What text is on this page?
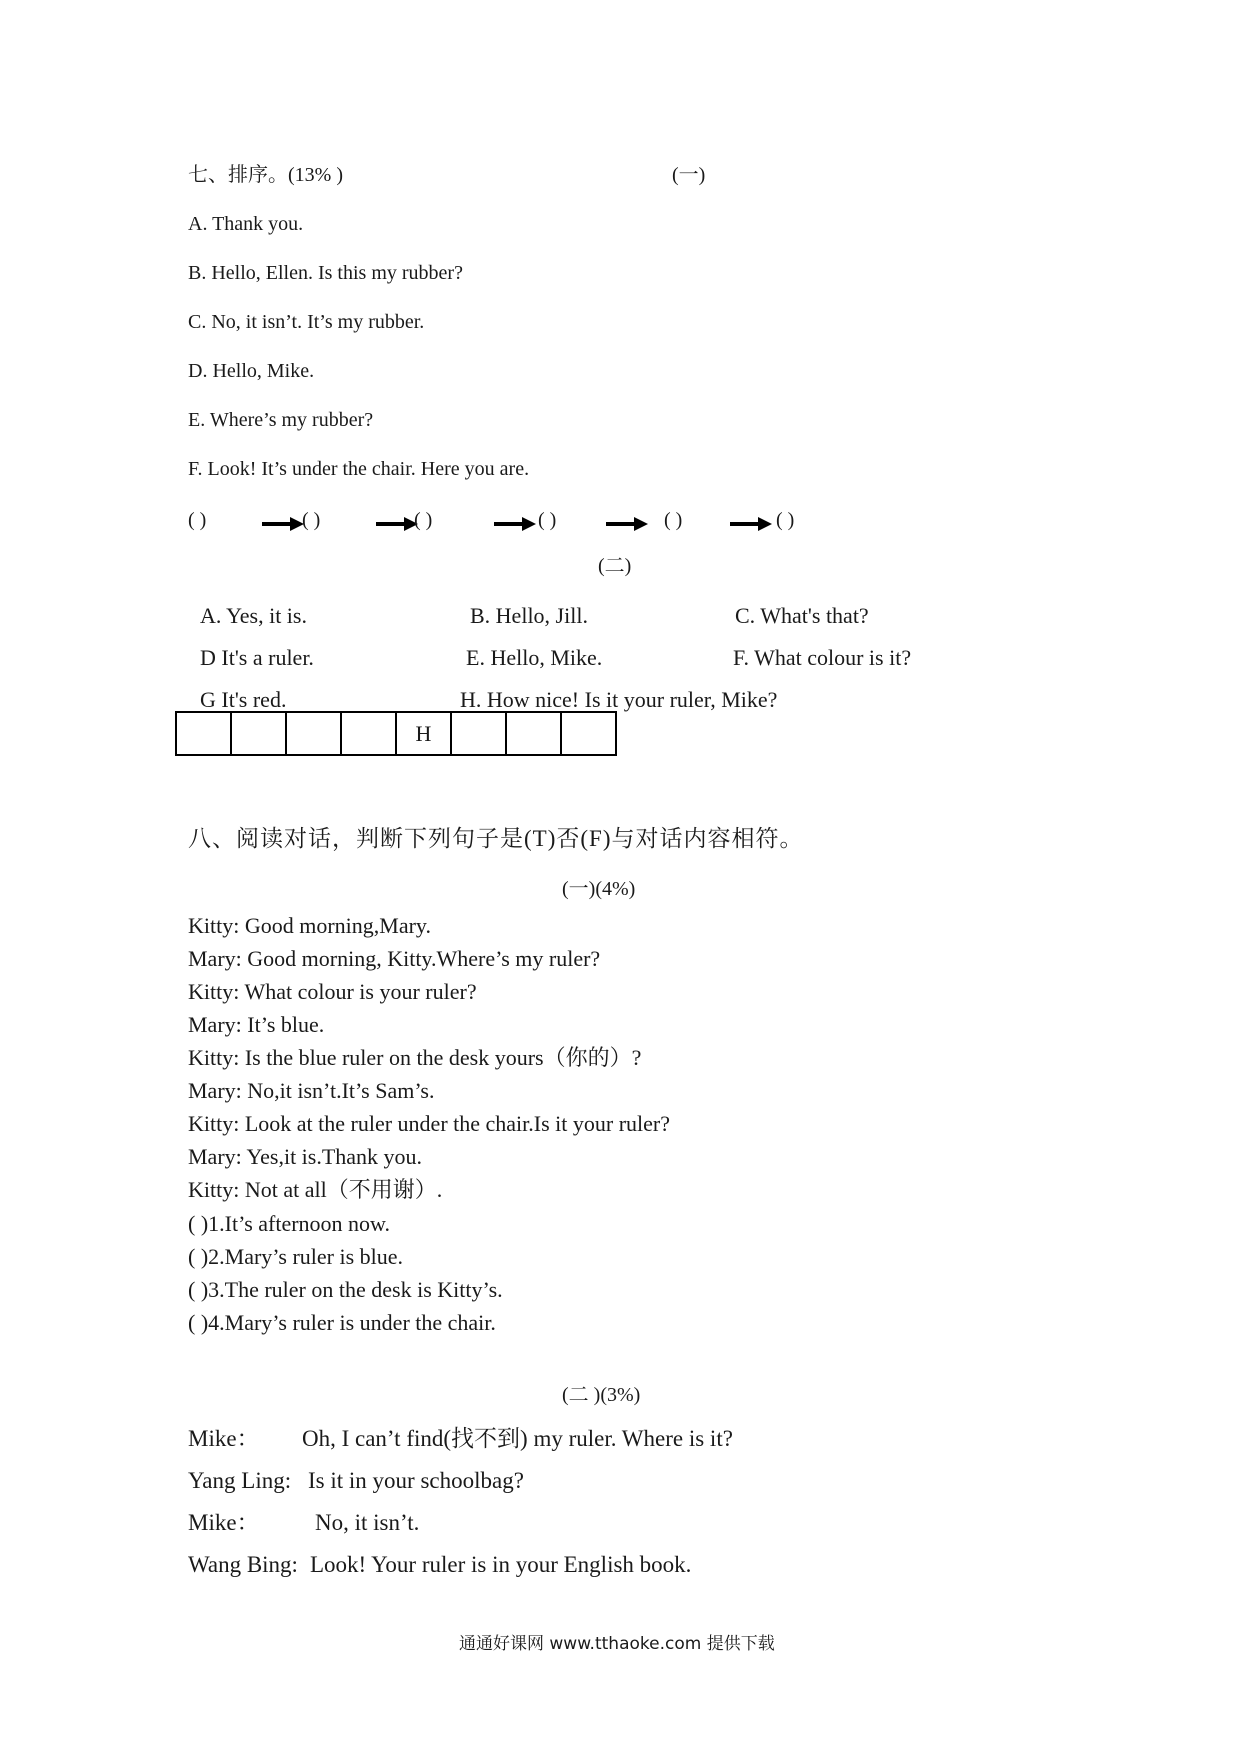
七、排序。(13% )	(一)
A. Thank you.
B. Hello, Ellen. Is this my rubber?
C. No, it isn’t. It’s my rubber.
D. Hello, Mike.
E. Where’s my rubber?
F. Look! It’s under the chair. Here you are.
( )	( )	( )	( )	( )	( )
(二)
A. Yes, it is.	B. Hello, Jill.	C. What's that?
D It's a ruler.	E. Hello, Mike.	F. What colour is it?
G It's red.	H. How nice! Is it your ruler, Mike?
				H			
八、阅读对话，判断下列句子是(T)否(F)与对话内容相符。
(一)(4%)
Kitty: Good morning,Mary.
Mary: Good morning, Kitty.Where’s my ruler?
Kitty: What colour is your ruler?
Mary: It’s blue.
Kitty: Is the blue ruler on the desk yours（你的）?
Mary: No,it isn’t.It’s Sam’s.
Kitty: Look at the ruler under the chair.Is it your ruler?
Mary: Yes,it is.Thank you.
Kitty: Not at all（不用谢）.
( )1.It’s afternoon now.
( )2.Mary’s ruler is blue.
( )3.The ruler on the desk is Kitty’s.
( )4.Mary’s ruler is under the chair.
(二 )(3%)
Mike： Oh, I can’t find(找不到) my ruler. Where is it?
Yang Ling: Is it in your schoolbag?
Mike： No, it isn’t.
Wang Bing: Look! Your ruler is in your English book.
通通好课网 www.tthaoke.com 提供下载
